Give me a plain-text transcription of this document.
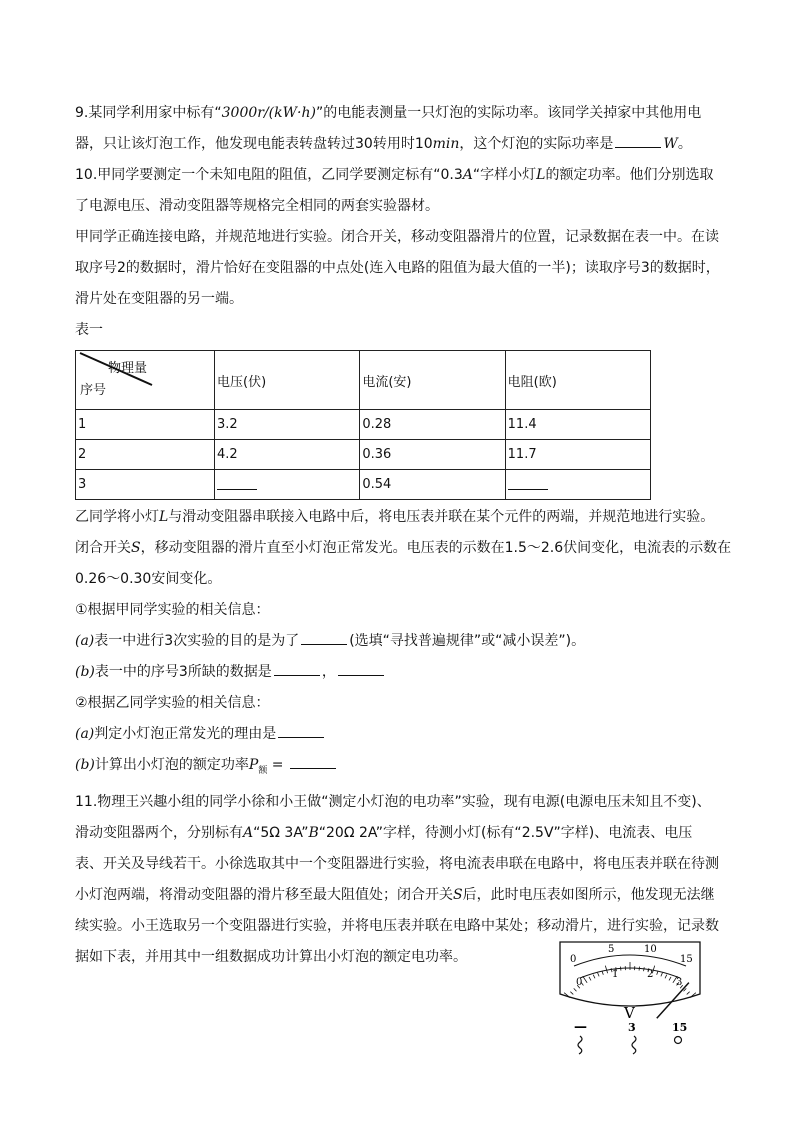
9.某同学利用家中标有“3000r/(kW·h)”的电能表测量一只灯泡的实际功率。该同学关掉家中其他用电

器，只让该灯泡工作，他发现电能表转盘转过30转用时10min，这个灯泡的实际功率是	W。

10.甲同学要测定一个未知电阻的阻值，乙同学要测定标有“0.3A“字样小灯L的额定功率。他们分别选取

了电源电压、滑动变阻器等规格完全相同的两套实验器材。

甲同学正确连接电路，并规范地进行实验。闭合开关，移动变阻器滑片的位置，记录数据在表一中。在读取序号2的数据时，滑片恰好在变阻器的中点处(连入电路的阻值为最大值的一半)；读取序号3的数据时，滑片处在变阻器的另一端。

表一

物理量
序号	电压(伏)	电流(安)	电阻(欧)
1	3.2	0.28	11.4
2	4.2	0.36	11.7
3		0.54	

乙同学将小灯L与滑动变阻器串联接入电路中后，将电压表并联在某个元件的两端，并规范地进行实验。

闭合开关S，移动变阻器的滑片直至小灯泡正常发光。电压表的示数在1.5～2.6伏间变化，电流表的示数在

0.26～0.30安间变化。

①根据甲同学实验的相关信息：

(a)表一中进行3次实验的目的是为了	(选填“寻找普遍规律”或“减小误差”)。

(b)表一中的序号3所缺的数据是	，

②根据乙同学实验的相关信息：

(a)判定小灯泡正常发光的理由是

(b)计算出小灯泡的额定功率$P_额$ =

11.物理王兴趣小组的同学小徐和小王做“测定小灯泡的电功率”实验，现有电源(电源电压未知且不变)、

滑动变阻器两个，分别标有A“5Ω 3A”B“20Ω 2A”字样，待测小灯(标有“2.5V”字样)、电流表、电压

表、开关及导线若干。小徐选取其中一个变阻器进行实验，将电流表串联在电路中，将电压表并联在待测

小灯泡两端，将滑动变阻器的滑片移至最大阻值处；闭合开关S后，此时电压表如图所示，他发现无法继

续实验。小王选取另一个变阻器进行实验，并将电压表并联在电路中某处；移动滑片，进行实验，记录数

据如下表，并用其中一组数据成功计算出小灯泡的额定电功率。

0
1	2
3
0
5	10
15
V
—	3	15
